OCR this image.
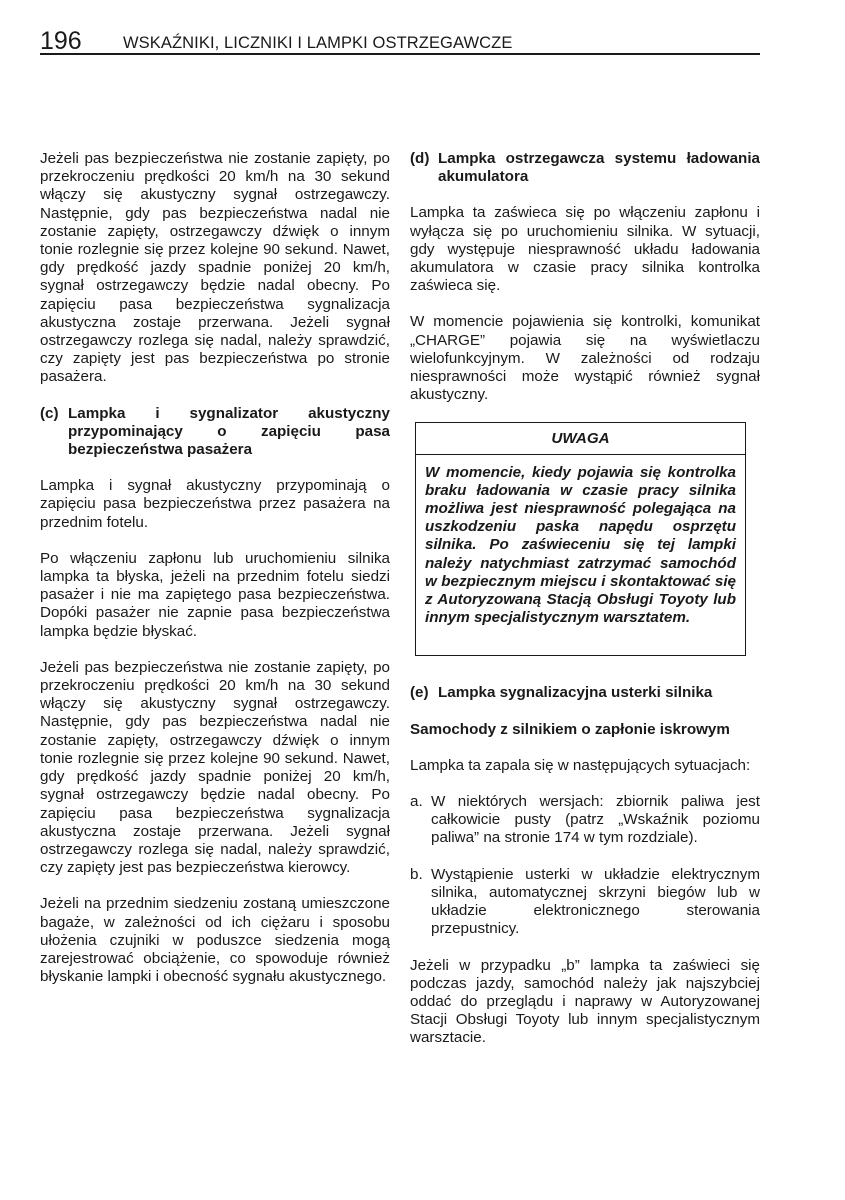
196	WSKAŹNIKI, LICZNIKI I LAMPKI OSTRZEGAWCZE

Jeżeli pas bezpieczeństwa nie zostanie zapięty, po przekroczeniu prędkości 20 km/h na 30 sekund włączy się akustyczny sygnał ostrzegawczy. Następnie, gdy pas bezpieczeństwa nadal nie zostanie zapięty, ostrzegawczy dźwięk o innym tonie rozlegnie się przez kolejne 90 sekund. Nawet, gdy prędkość jazdy spadnie poniżej 20 km/h, sygnał ostrzegawczy będzie nadal obecny. Po zapięciu pasa bezpieczeństwa sygnalizacja akustyczna zostaje przerwana. Jeżeli sygnał ostrzegawczy rozlega się nadal, należy sprawdzić, czy zapięty jest pas bezpieczeństwa po stronie pasażera.

(c) Lampka i sygnalizator akustyczny przypominający o zapięciu pasa bezpieczeństwa pasażera

Lampka i sygnał akustyczny przypominają o zapięciu pasa bezpieczeństwa przez pasażera na przednim fotelu.

Po włączeniu zapłonu lub uruchomieniu silnika lampka ta błyska, jeżeli na przednim fotelu siedzi pasażer i nie ma zapiętego pasa bezpieczeństwa. Dopóki pasażer nie zapnie pasa bezpieczeństwa lampka będzie błyskać.

Jeżeli pas bezpieczeństwa nie zostanie zapięty, po przekroczeniu prędkości 20 km/h na 30 sekund włączy się akustyczny sygnał ostrzegawczy. Następnie, gdy pas bezpieczeństwa nadal nie zostanie zapięty, ostrzegawczy dźwięk o innym tonie rozlegnie się przez kolejne 90 sekund. Nawet, gdy prędkość jazdy spadnie poniżej 20 km/h, sygnał ostrzegawczy będzie nadal obecny. Po zapięciu pasa bezpieczeństwa sygnalizacja akustyczna zostaje przerwana. Jeżeli sygnał ostrzegawczy rozlega się nadal, należy sprawdzić, czy zapięty jest pas bezpieczeństwa kierowcy.

Jeżeli na przednim siedzeniu zostaną umieszczone bagaże, w zależności od ich ciężaru i sposobu ułożenia czujniki w poduszce siedzenia mogą zarejestrować obciążenie, co spowoduje również błyskanie lampki i obecność sygnału akustycznego.

(d) Lampka ostrzegawcza systemu ładowania akumulatora

Lampka ta zaświeca się po włączeniu zapłonu i wyłącza się po uruchomieniu silnika. W sytuacji, gdy występuje niesprawność układu ładowania akumulatora w czasie pracy silnika kontrolka zaświeca się.

W momencie pojawienia się kontrolki, komunikat „CHARGE” pojawia się na wyświetlaczu wielofunkcyjnym. W zależności od rodzaju niesprawności może wystąpić również sygnał akustyczny.

UWAGA

W momencie, kiedy pojawia się kontrolka braku ładowania w czasie pracy silnika możliwa jest niesprawność polegająca na uszkodzeniu paska napędu osprzętu silnika. Po zaświeceniu się tej lampki należy natychmiast zatrzymać samochód w bezpiecznym miejscu i skontaktować się z Autoryzowaną Stacją Obsługi Toyoty lub innym specjalistycznym warsztatem.

(e) Lampka sygnalizacyjna usterki silnika
Samochody z silnikiem o zapłonie iskrowym

Lampka ta zapala się w następujących sytuacjach:

a. W niektórych wersjach: zbiornik paliwa jest całkowicie pusty (patrz „Wskaźnik poziomu paliwa” na stronie 174 w tym rozdziale).
b. Wystąpienie usterki w układzie elektrycznym silnika, automatycznej skrzyni biegów lub w układzie elektronicznego sterowania przepustnicy.

Jeżeli w przypadku „b” lampka ta zaświeci się podczas jazdy, samochód należy jak najszybciej oddać do przeglądu i naprawy w Autoryzowanej Stacji Obsługi Toyoty lub innym specjalistycznym warsztacie.
